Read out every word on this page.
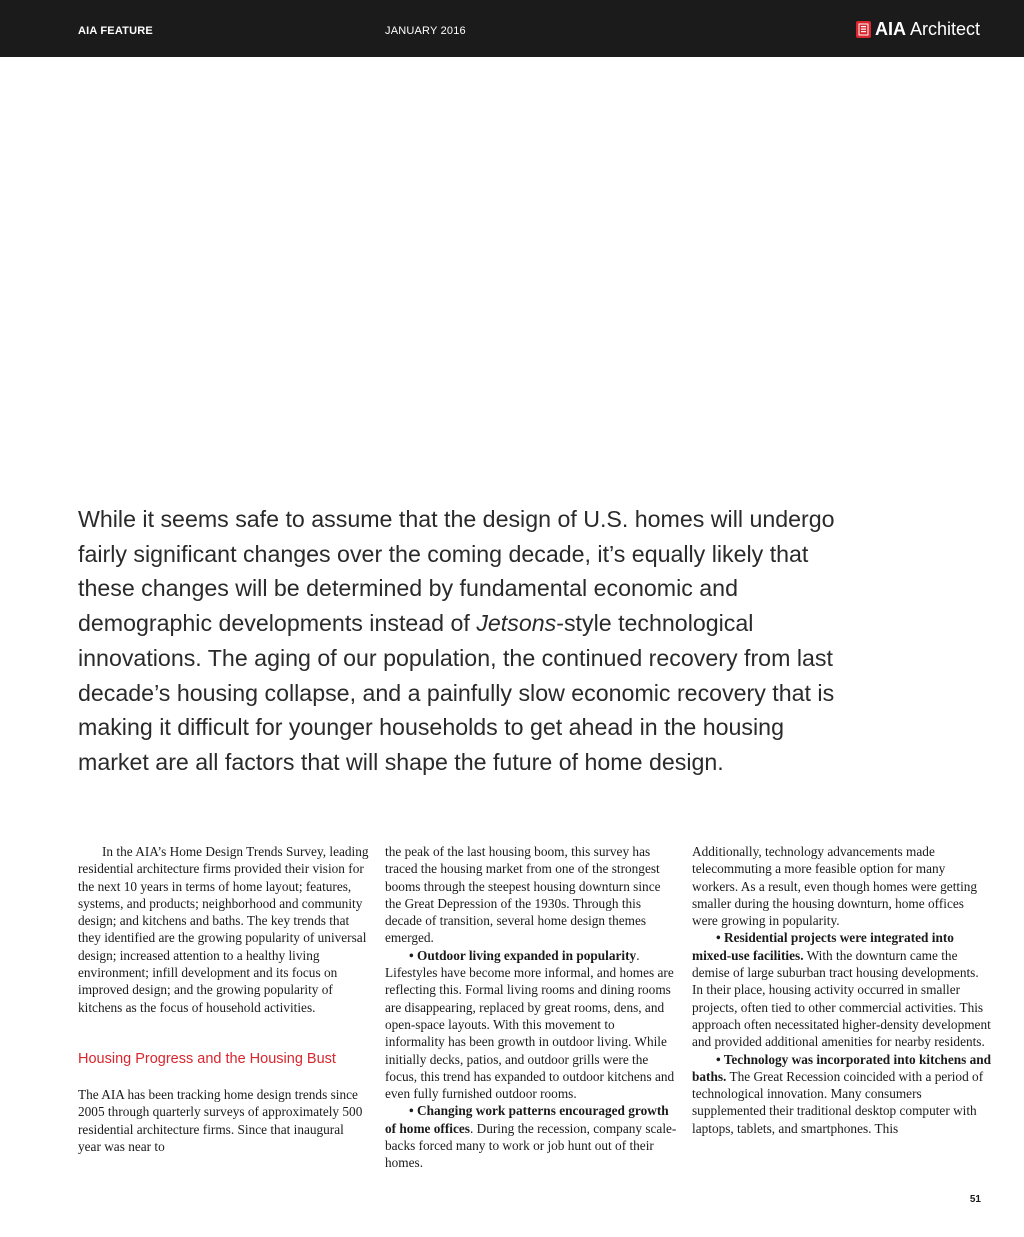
AIA FEATURE	JANUARY 2016	AIA Architect
While it seems safe to assume that the design of U.S. homes will undergo fairly significant changes over the coming decade, it’s equally likely that these changes will be determined by fundamental economic and demographic developments instead of Jetsons-style technological innovations. The aging of our population, the continued recovery from last decade’s housing collapse, and a painfully slow economic recovery that is making it difficult for younger households to get ahead in the housing market are all factors that will shape the future of home design.

In the AIA’s Home Design Trends Survey, leading residential architecture firms provided their vision for the next 10 years in terms of home layout; features, systems, and products; neighborhood and community design; and kitchens and baths. The key trends that they identified are the growing popularity of universal design; increased attention to a healthy living environment; infill development and its focus on improved design; and the growing popularity of kitchens as the focus of household activities.

Housing Progress and the Housing Bust

The AIA has been tracking home design trends since 2005 through quarterly surveys of approximately 500 residential architecture firms. Since that inaugural year was near to

the peak of the last housing boom, this survey has traced the housing market from one of the strongest booms through the steepest housing downturn since the Great Depression of the 1930s. Through this decade of transition, several home design themes emerged.

• Outdoor living expanded in popularity. Lifestyles have become more informal, and homes are reflecting this. Formal living rooms and dining rooms are disappearing, replaced by great rooms, dens, and open-space layouts. With this movement to informality has been growth in outdoor living. While initially decks, patios, and outdoor grills were the focus, this trend has expanded to outdoor kitchens and even fully furnished outdoor rooms.

• Changing work patterns encouraged growth of home offices. During the recession, company scale-backs forced many to work or job hunt out of their homes.

Additionally, technology advancements made telecommuting a more feasible option for many workers. As a result, even though homes were getting smaller during the housing downturn, home offices were growing in popularity.

• Residential projects were integrated into mixed-use facilities. With the downturn came the demise of large suburban tract housing developments. In their place, housing activity occurred in smaller projects, often tied to other commercial activities. This approach often necessitated higher-density development and provided additional amenities for nearby residents.

• Technology was incorporated into kitchens and baths. The Great Recession coincided with a period of technological innovation. Many consumers supplemented their traditional desktop computer with laptops, tablets, and smartphones. This

51
